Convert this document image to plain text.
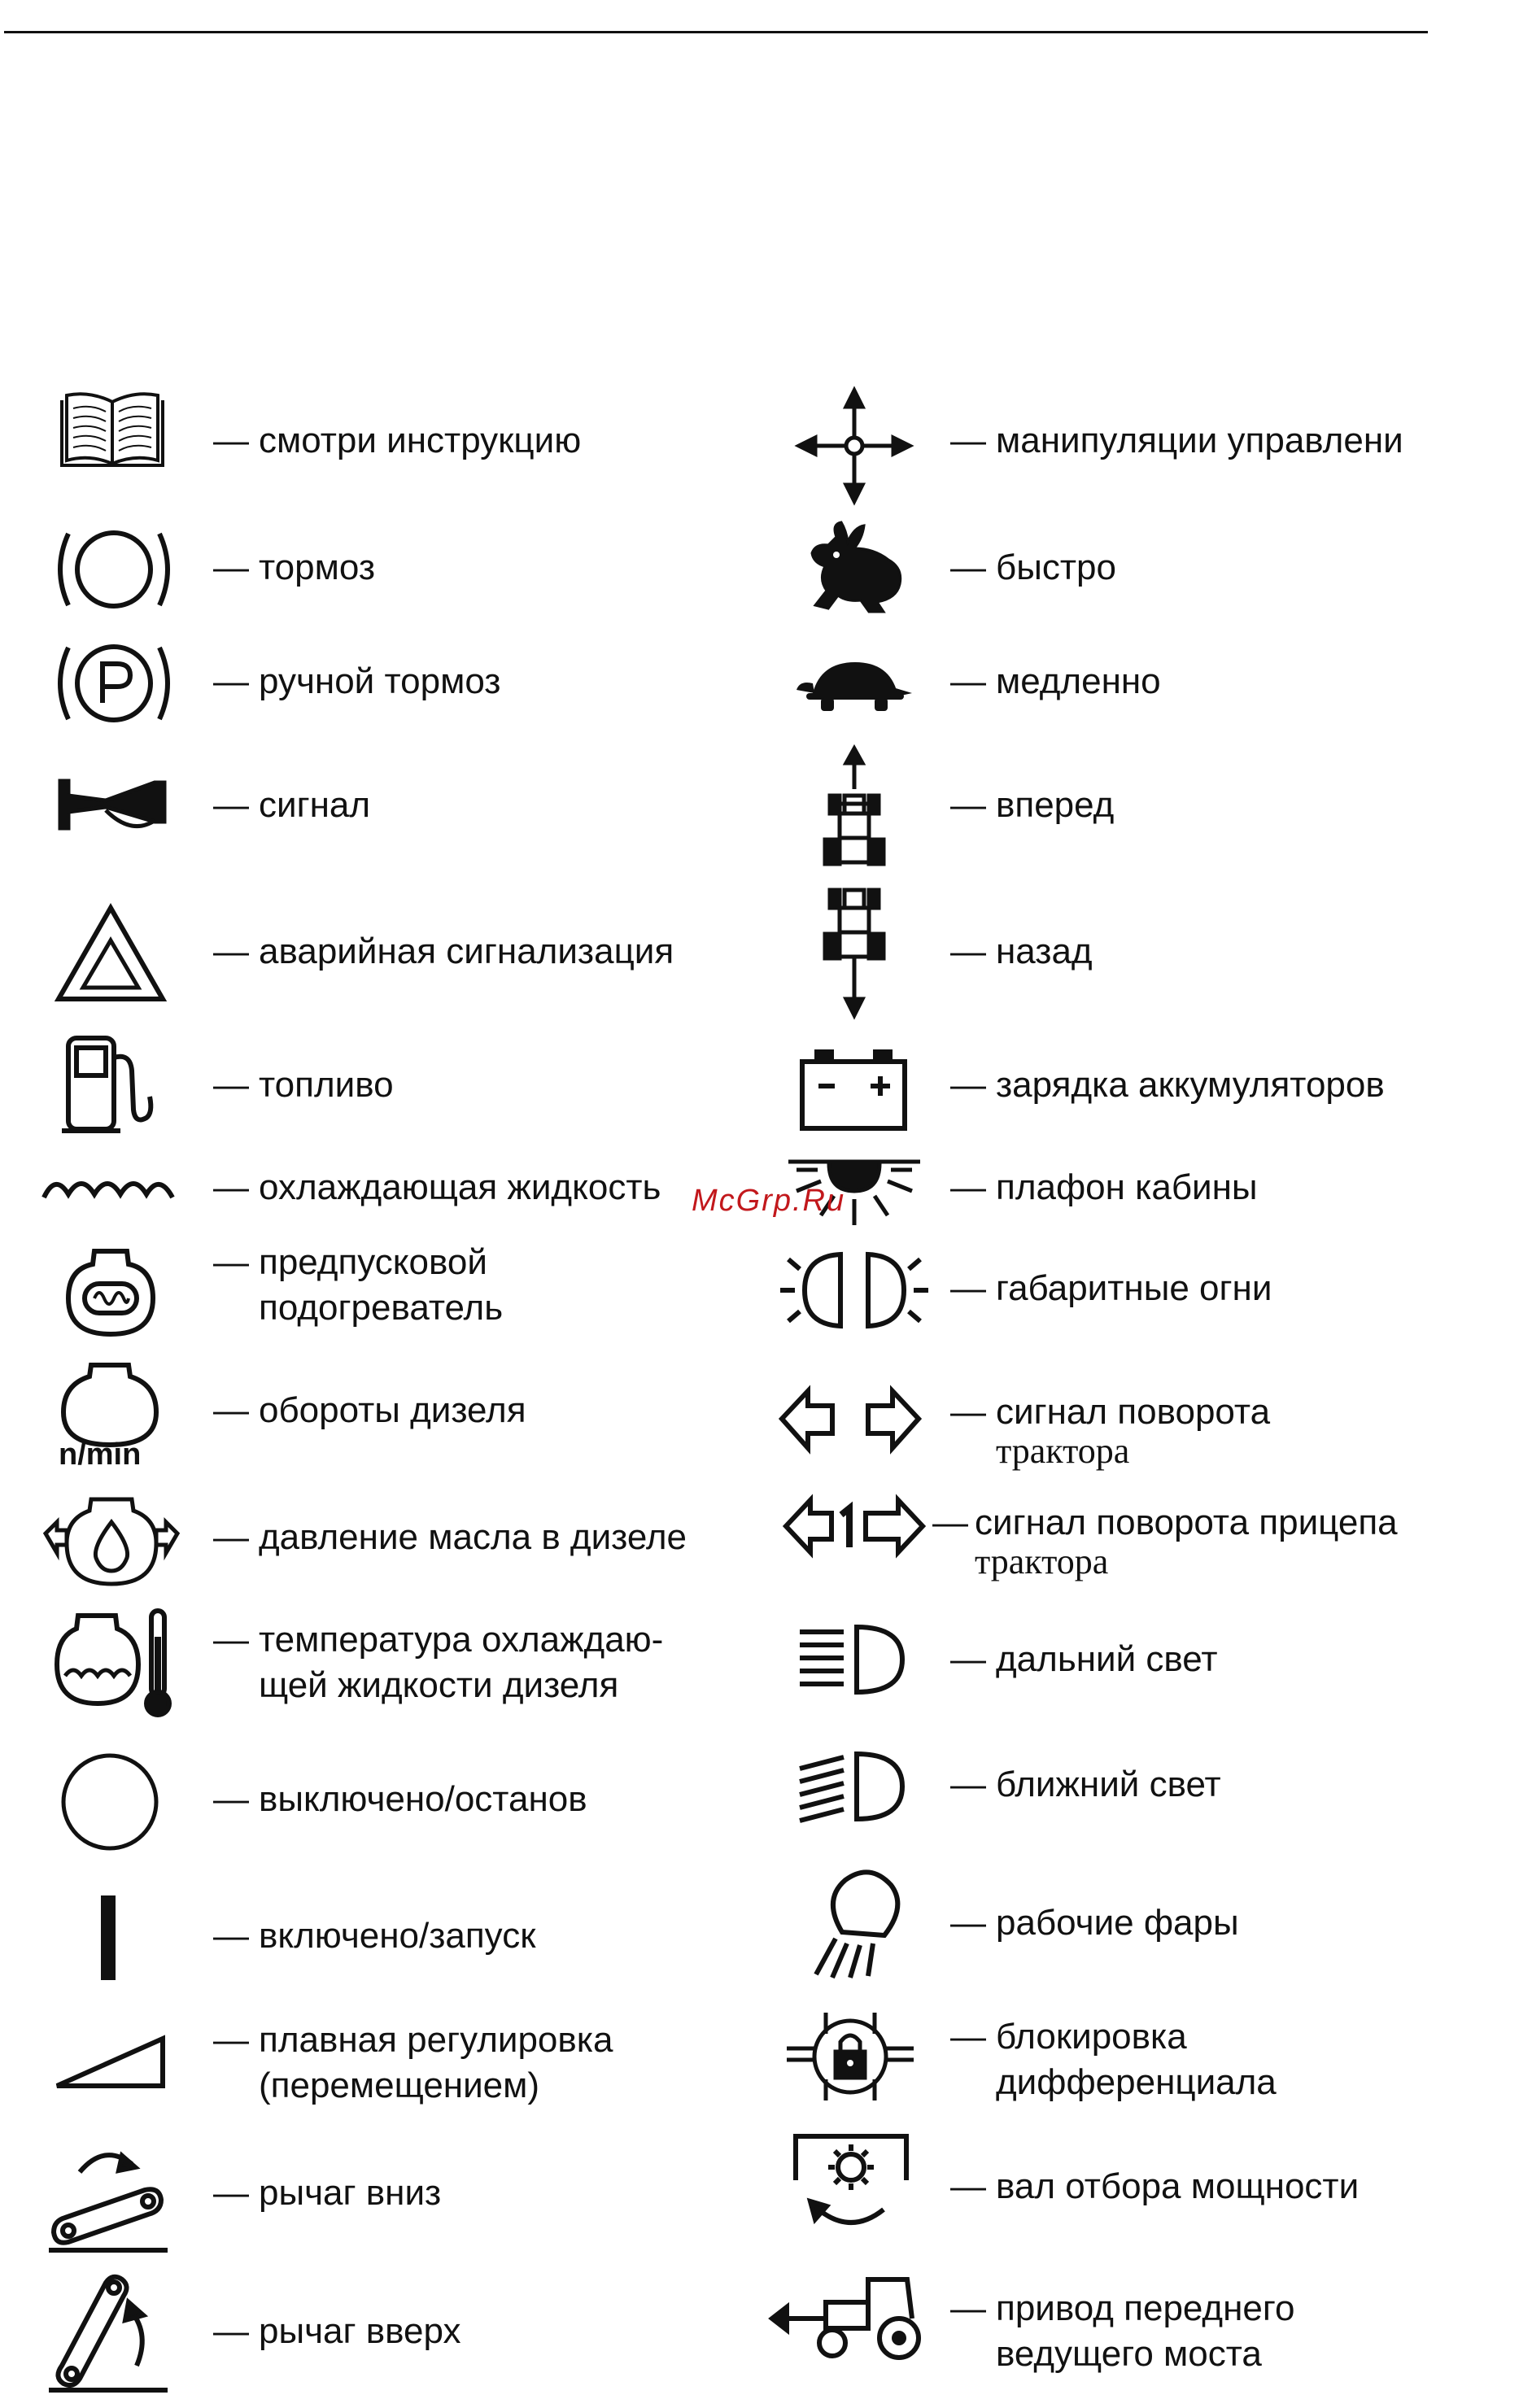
— смотри инструкцию
— тормоз
— ручной тормоз
— сигнал
— аварийная сигнализация
— топливо
— охлаждающая жидкость
— предпусковой
подогреватель
n/min
— обороты дизеля
— давление масла в дизеле
— температура охлаждаю-
щей жидкости дизеля
— выключено/останов
— включено/запуск
— плавная регулировка
(перемещением)
— рычаг вниз
— рычаг вверх
— манипуляции управлени
— быстро
— медленно
— вперед
— назад
— зарядка аккумуляторов
— плафон кабины
— габаритные огни
— сигнал поворота
трактора
— сигнал поворота прицепа
трактора
— дальний свет
— ближний свет
— рабочие фары
— блокировка
дифференциала
— вал отбора мощности
— привод переднего
ведущего моста
McGrp.Ru
